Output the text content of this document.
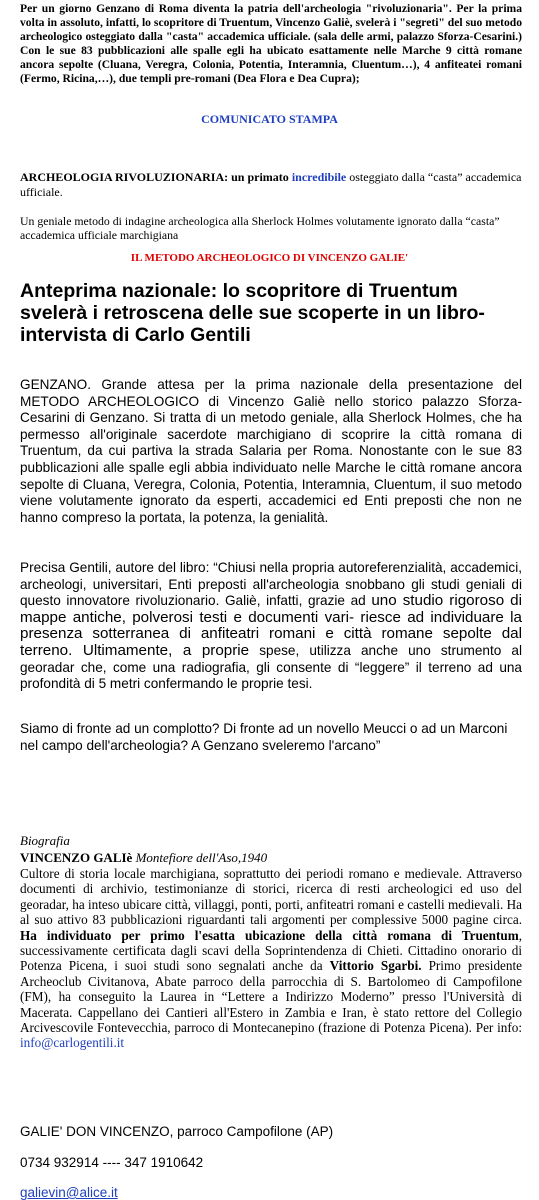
Per un giorno Genzano di Roma diventa la patria dell'archeologia "rivoluzionaria". Per la prima volta in assoluto, infatti, lo scopritore di Truentum, Vincenzo Galiè, svelerà i "segreti" del suo metodo archeologico osteggiato dalla "casta" accademica ufficiale. (sala delle armi, palazzo Sforza-Cesarini.) Con le sue 83 pubblicazioni alle spalle egli ha ubicato esattamente nelle Marche 9 città romane ancora sepolte (Cluana, Veregra, Colonia, Potentia, Interamnia, Cluentum…), 4 anfiteatei romani (Fermo, Ricina,…), due templi pre-romani (Dea Flora e Dea Cupra);
COMUNICATO STAMPA
ARCHEOLOGIA RIVOLUZIONARIA: un primato incredibile osteggiato dalla “casta” accademica ufficiale.
Un geniale metodo di indagine archeologica alla Sherlock Holmes volutamente ignorato dalla “casta” accademica ufficiale marchigiana
IL METODO ARCHEOLOGICO DI VINCENZO GALIE'
Anteprima nazionale: lo scopritore di Truentum svelerà i retroscena delle sue scoperte in un libro-intervista di Carlo Gentili
GENZANO. Grande attesa per la prima nazionale della presentazione del METODO ARCHEOLOGICO di Vincenzo Galiè nello storico palazzo Sforza-Cesarini di Genzano. Si tratta di un metodo geniale, alla Sherlock Holmes, che ha permesso all'originale sacerdote marchigiano di scoprire la città romana di Truentum, da cui partiva la strada Salaria per Roma. Nonostante con le sue 83 pubblicazioni alle spalle egli abbia individuato nelle Marche le città romane ancora sepolte di Cluana, Veregra, Colonia, Potentia, Interamnia, Cluentum, il suo metodo viene volutamente ignorato da esperti, accademici ed Enti preposti che non ne hanno compreso la portata, la potenza, la genialità.
Precisa Gentili, autore del libro: “Chiusi nella propria autoreferenzialità, accademici, archeologi, universitari, Enti preposti all'archeologia snobbano gli studi geniali di questo innovatore rivoluzionario. Galiè, infatti, grazie ad uno studio rigoroso di mappe antiche, polverosi testi e documenti vari- riesce ad individuare la presenza sotterranea di anfiteatri romani e città romane sepolte dal terreno. Ultimamente, a proprie spese, utilizza anche uno strumento al georadar che, come una radiografia, gli consente di “leggere” il terreno ad una profondità di 5 metri confermando le proprie tesi.
Siamo di fronte ad un complotto? Di fronte ad un novello Meucci o ad un Marconi nel campo dell'archeologia? A Genzano sveleremo l'arcano”
Biografia
VINCENZO GALIè Montefiore dell'Aso,1940
Cultore di storia locale marchigiana, soprattutto dei periodi romano e medievale. Attraverso documenti di archivio, testimonianze di storici, ricerca di resti archeologici ed uso del georadar, ha inteso ubicare città, villaggi, ponti, porti, anfiteatri romani e castelli medievali. Ha al suo attivo 83 pubblicazioni riguardanti tali argomenti per complessive 5000 pagine circa. Ha individuato per primo l'esatta ubicazione della città romana di Truentum, successivamente certificata dagli scavi della Soprintendenza di Chieti. Cittadino onorario di Potenza Picena, i suoi studi sono segnalati anche da Vittorio Sgarbi. Primo presidente Archeoclub Civitanova, Abate parroco della parrocchia di S. Bartolomeo di Campofilone (FM), ha conseguito la Laurea in “Lettere a Indirizzo Moderno” presso l'Università di Macerata. Cappellano dei Cantieri all'Estero in Zambia e Iran, è stato rettore del Collegio Arcivescovile Fontevecchia, parroco di Montecanepino (frazione di Potenza Picena). Per info: info@carlogentili.it
GALIE' DON VINCENZO, parroco Campofilone (AP)
0734 932914 ---- 347 1910642
galievin@alice.it
